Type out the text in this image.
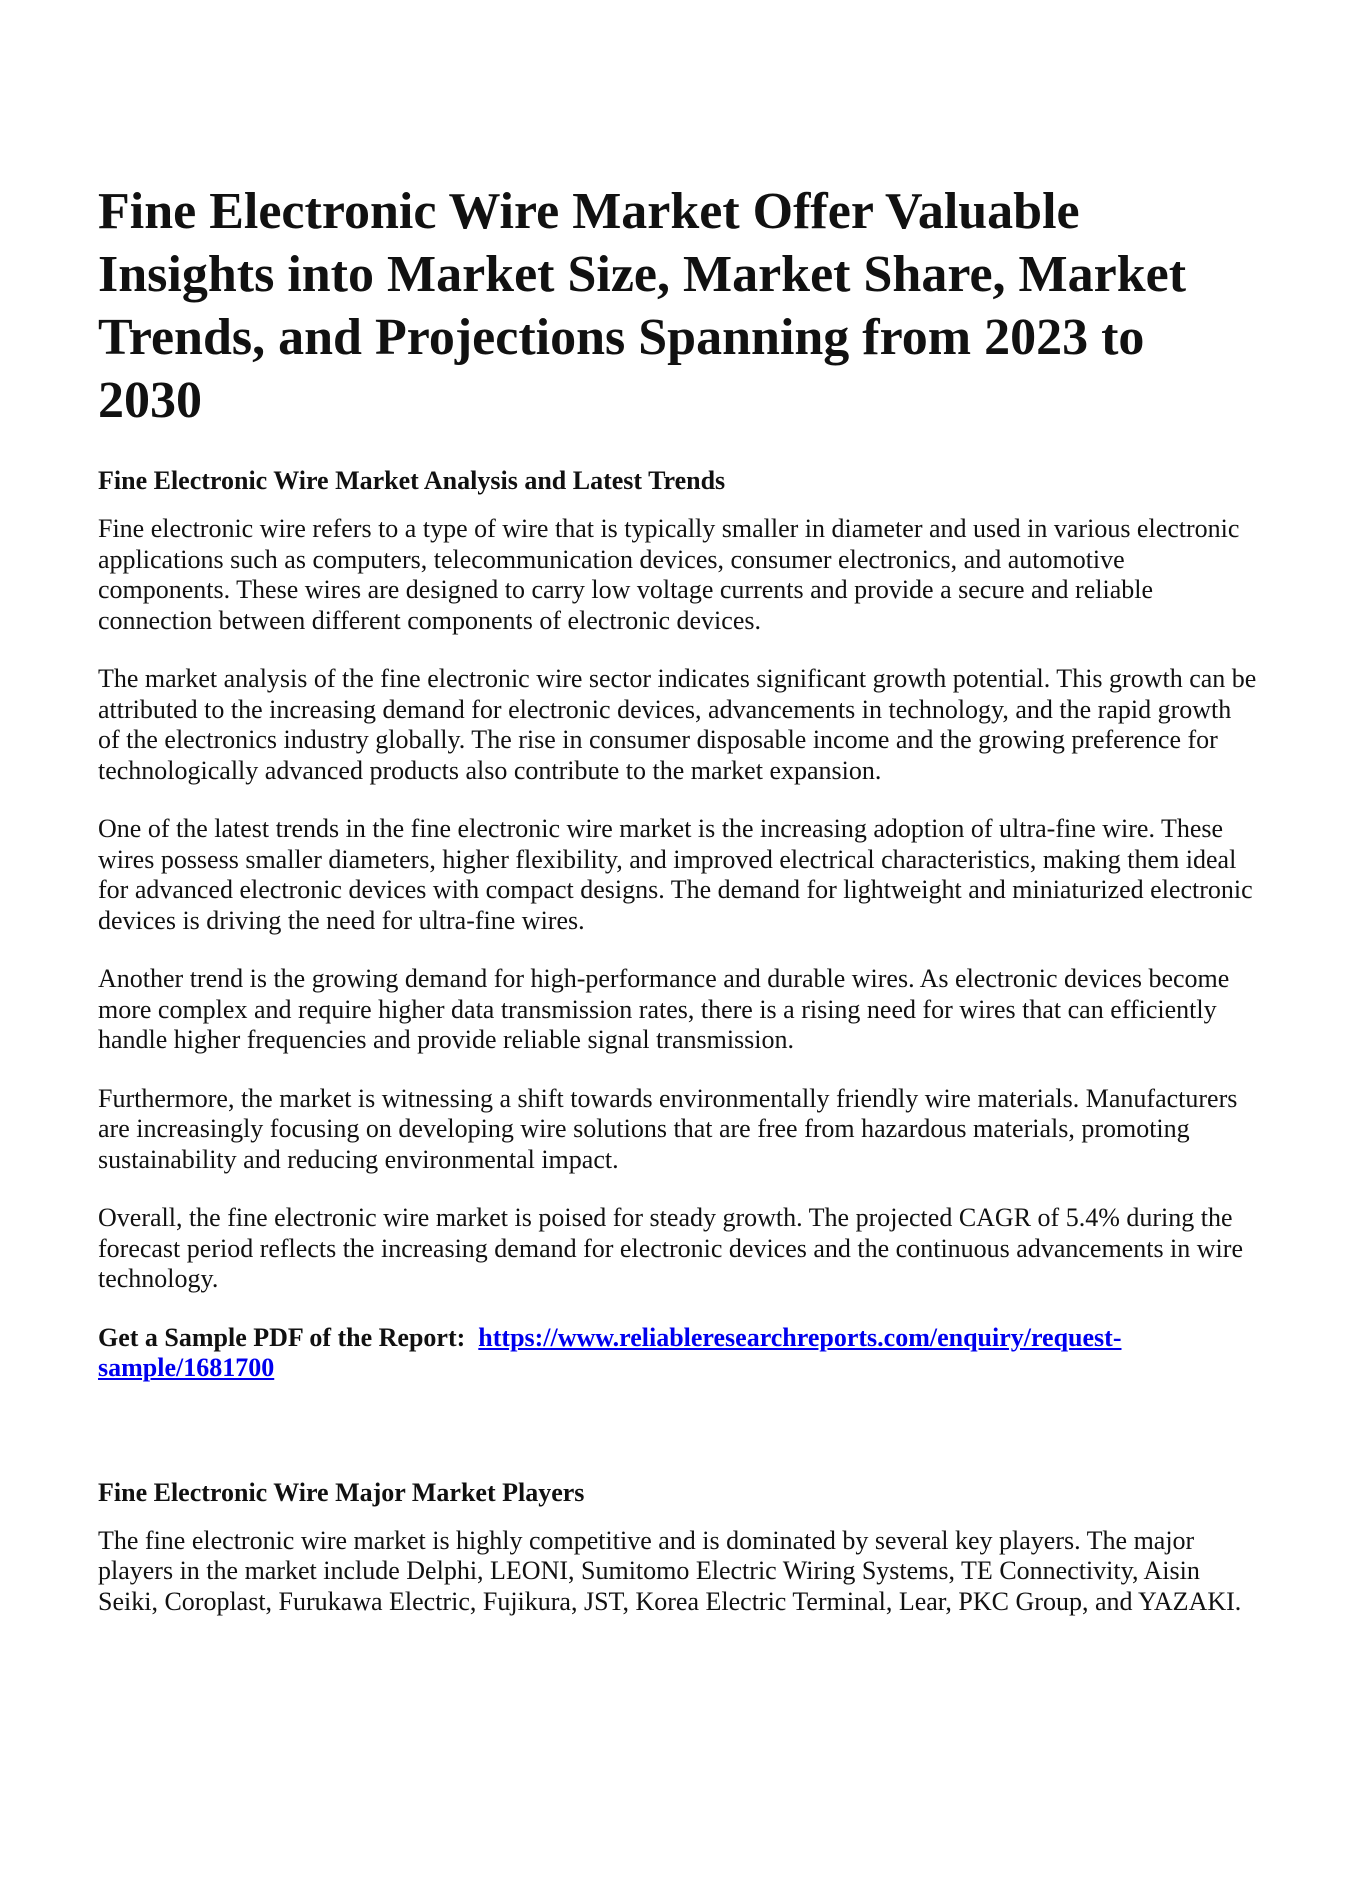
Fine Electronic Wire Market Offer Valuable
Insights into Market Size, Market Share, Market
Trends, and Projections Spanning from 2023 to
2030
Fine Electronic Wire Market Analysis and Latest Trends

Fine electronic wire refers to a type of wire that is typically smaller in diameter and used in various electronic applications such as computers, telecommunication devices, consumer electronics, and automotive components. These wires are designed to carry low voltage currents and provide a secure and reliable connection between different components of electronic devices.

The market analysis of the fine electronic wire sector indicates significant growth potential. This growth can be attributed to the increasing demand for electronic devices, advancements in technology, and the rapid growth of the electronics industry globally. The rise in consumer disposable income and the growing preference for technologically advanced products also contribute to the market expansion.

One of the latest trends in the fine electronic wire market is the increasing adoption of ultra-fine wire. These wires possess smaller diameters, higher flexibility, and improved electrical characteristics, making them ideal for advanced electronic devices with compact designs. The demand for lightweight and miniaturized electronic devices is driving the need for ultra-fine wires.

Another trend is the growing demand for high-performance and durable wires. As electronic devices become more complex and require higher data transmission rates, there is a rising need for wires that can efficiently handle higher frequencies and provide reliable signal transmission.

Furthermore, the market is witnessing a shift towards environmentally friendly wire materials. Manufacturers are increasingly focusing on developing wire solutions that are free from hazardous materials, promoting sustainability and reducing environmental impact.

Overall, the fine electronic wire market is poised for steady growth. The projected CAGR of 5.4% during the forecast period reflects the increasing demand for electronic devices and the continuous advancements in wire technology.

Get a Sample PDF of the Report: https://www.reliableresearchreports.com/enquiry/request-sample/1681700

Fine Electronic Wire Major Market Players

The fine electronic wire market is highly competitive and is dominated by several key players. The major players in the market include Delphi, LEONI, Sumitomo Electric Wiring Systems, TE Connectivity, Aisin Seiki, Coroplast, Furukawa Electric, Fujikura, JST, Korea Electric Terminal, Lear, PKC Group, and YAZAKI.
